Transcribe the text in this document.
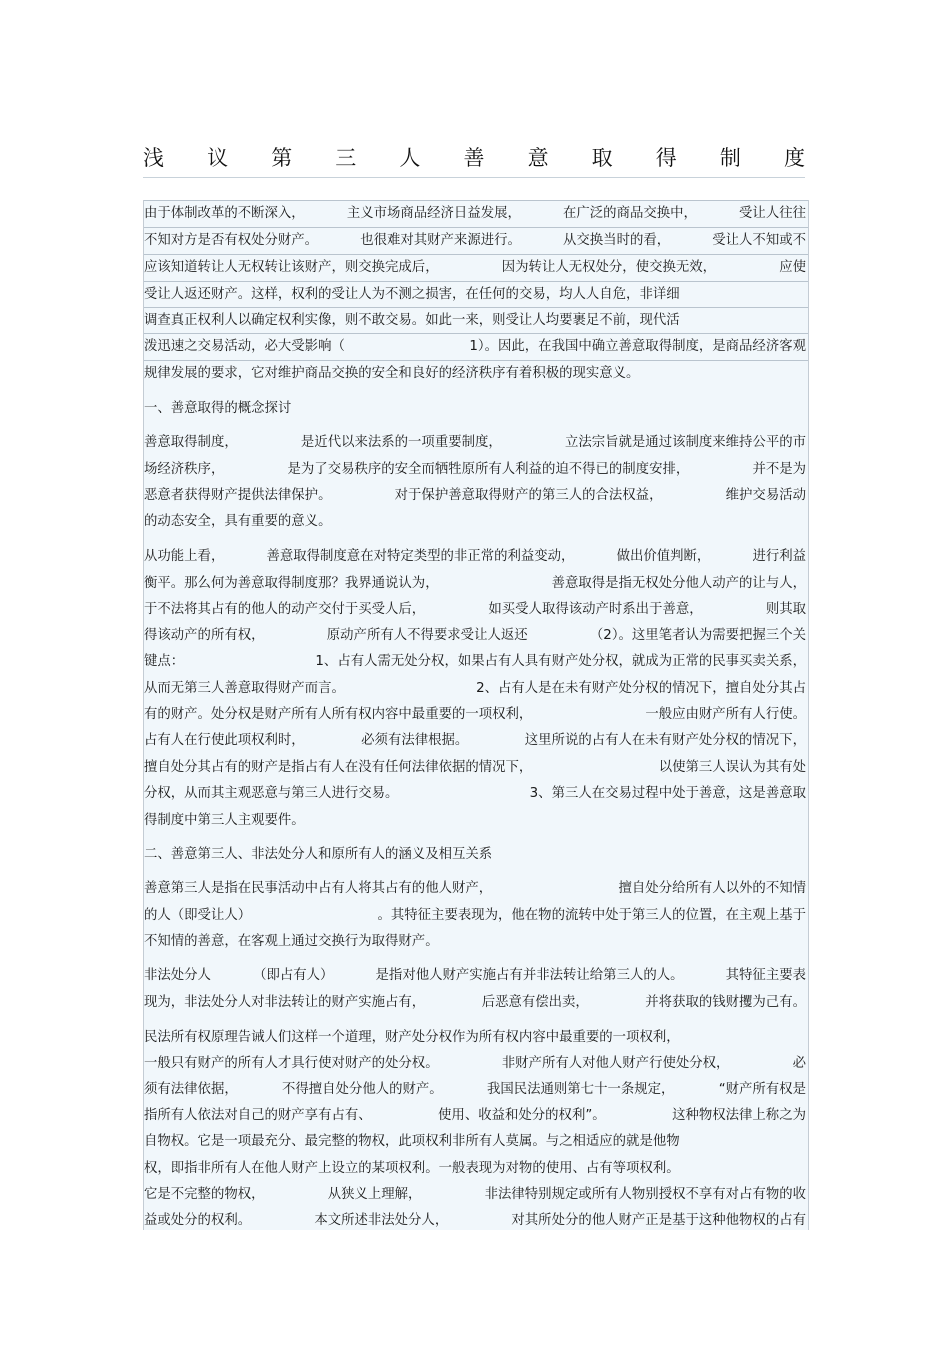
浅 议 第 三 人 善 意 取 得 制 度
由于体制改革的不断深入，	主义市场商品经济日益发展，	在广泛的商品交换中，	受让人往往
不知对方是否有权处分财产。	也很难对其财产来源进行。	从交换当时的看，	受让人不知或不
应该知道转让人无权转让该财产，则交换完成后，	因为转让人无权处分，使交换无效，	应使
受让人返还财产。这样，权利的受让人为不测之损害，在任何的交易，均人人自危，非详细
调查真正权利人以确定权利实像，则不敢交易。如此一来，则受让人均要裹足不前，现代活
泼迅速之交易活动，必大受影响（	1）。因此，在我国中确立善意取得制度，是商品经济客观
规律发展的要求，它对维护商品交换的安全和良好的经济秩序有着积极的现实意义。
一、善意取得的概念探讨
善意取得制度，	是近代以来法系的一项重要制度，	立法宗旨就是通过该制度来维持公平的市
场经济秩序，	是为了交易秩序的安全而牺牲原所有人利益的迫不得已的制度安排，	并不是为
恶意者获得财产提供法律保护。	对于保护善意取得财产的第三人的合法权益，	维护交易活动
的动态安全，具有重要的意义。
从功能上看，	善意取得制度意在对特定类型的非正常的利益变动，	做出价值判断，	进行利益
衡平。那么何为善意取得制度那？我界通说认为，	善意取得是指无权处分他人动产的让与人，
于不法将其占有的他人的动产交付于买受人后，	如买受人取得该动产时系出于善意，	则其取
得该动产的所有权，	原动产所有人不得要求受让人返还	（2）。这里笔者认为需要把握三个关
键点：	1、占有人需无处分权，如果占有人具有财产处分权，就成为正常的民事买卖关系，
从而无第三人善意取得财产而言。	2、占有人是在未有财产处分权的情况下，擅自处分其占
有的财产。处分权是财产所有人所有权内容中最重要的一项权利，	一般应由财产所有人行使。
占有人在行使此项权利时，	必须有法律根据。	这里所说的占有人在未有财产处分权的情况下，
擅自处分其占有的财产是指占有人在没有任何法律依据的情况下，	以使第三人误认为其有处
分权，从而其主观恶意与第三人进行交易。	3、第三人在交易过程中处于善意，这是善意取
得制度中第三人主观要件。
二、善意第三人、非法处分人和原所有人的涵义及相互关系
善意第三人是指在民事活动中占有人将其占有的他人财产，	擅自处分给所有人以外的不知情
的人（即受让人）	。其特征主要表现为，他在物的流转中处于第三人的位置，在主观上基于
不知情的善意，在客观上通过交换行为取得财产。
非法处分人	（即占有人）	是指对他人财产实施占有并非法转让给第三人的人。	其特征主要表
现为，非法处分人对非法转让的财产实施占有，	后恶意有偿出卖，	并将获取的钱财攫为己有。
民法所有权原理告诫人们这样一个道理，财产处分权作为所有权内容中最重要的一项权利，
一般只有财产的所有人才具行使对财产的处分权。	非财产所有人对他人财产行使处分权，	必
须有法律依据，	不得擅自处分他人的财产。	我国民法通则第七十一条规定，	“财产所有权是
指所有人依法对自己的财产享有占有、	使用、收益和处分的权利”。	这种物权法律上称之为
自物权。它是一项最充分、最完整的物权，此项权利非所有人莫属。与之相适应的就是他物
权，即指非所有人在他人财产上设立的某项权利。一般表现为对物的使用、占有等项权利。
它是不完整的物权，	从狭义上理解，	非法律特别规定或所有人物别授权不享有对占有物的收
益或处分的权利。	本文所述非法处分人，	对其所处分的他人财产正是基于这种他物权的占有
